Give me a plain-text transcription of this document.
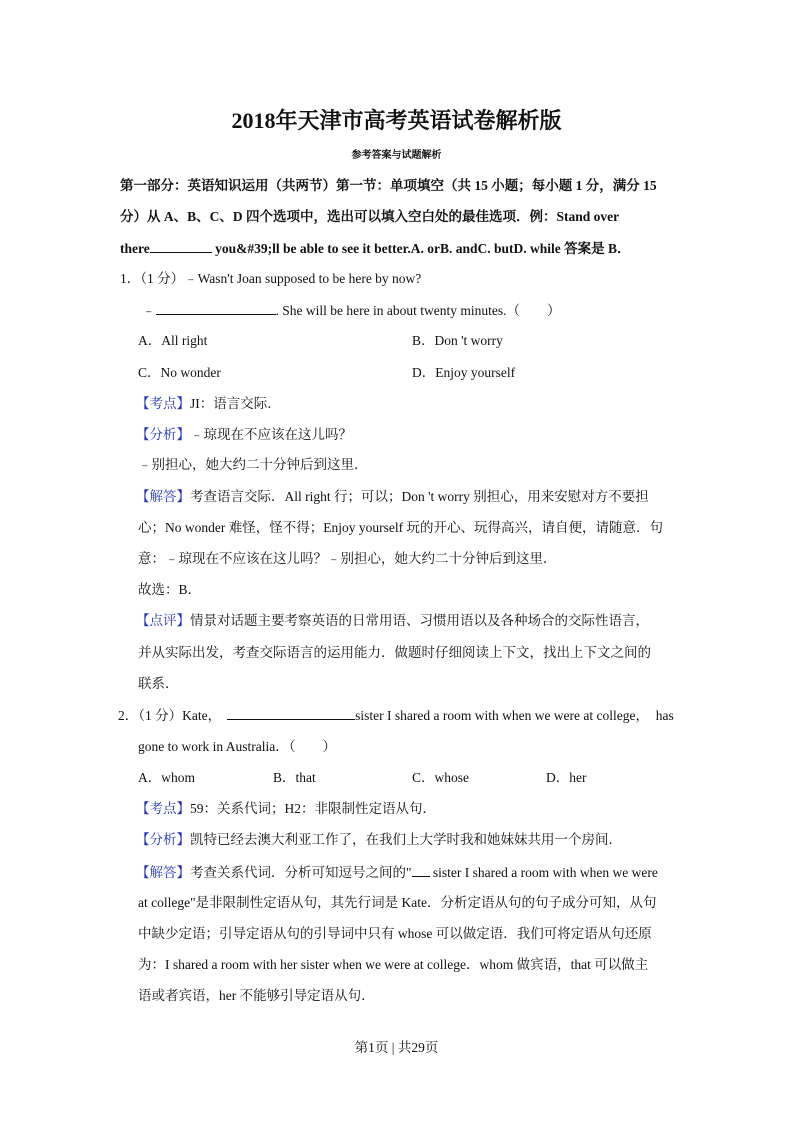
2018年天津市高考英语试卷解析版
参考答案与试题解析
第一部分：英语知识运用（共两节）第一节：单项填空（共 15 小题；每小题 1 分，满分 15
分）从 A、B、C、D 四个选项中，选出可以填入空白处的最佳选项．例：Stand over
there	you&#39;ll be able to see it better.A. orB. andC. butD. while 答案是 B．
1．（1 分）﹣Wasn't Joan supposed to be here by now?
﹣	. She will be here in about twenty minutes.（　　）
A．All right	B．Don 't worry
C．No wonder	D．Enjoy yourself
【考点】JI：语言交际．
【分析】﹣琼现在不应该在这儿吗？
﹣别担心，她大约二十分钟后到这里．
【解答】考查语言交际．All right 行；可以；Don 't worry 别担心，用来安慰对方不要担
心；No wonder 难怪，怪不得；Enjoy yourself 玩的开心、玩得高兴，请自便，请随意．句
意：﹣琼现在不应该在这儿吗？﹣别担心，她大约二十分钟后到这里．
故选：B．
【点评】情景对话题主要考察英语的日常用语、习惯用语以及各种场合的交际性语言，
并从实际出发，考查交际语言的运用能力．做题时仔细阅读上下文，找出上下文之间的
联系．
2．（1 分）Kate，	sister I shared a room with when we were at college，　has
gone to work in Australia．（　　）
A．whom	B．that	C．whose	D．her
【考点】59：关系代词；H2：非限制性定语从句．
【分析】凯特已经去澳大利亚工作了，在我们上大学时我和她妹妹共用一个房间．
【解答】考查关系代词．分析可知逗号之间的" sister I shared a room with when we were
at college"是非限制性定语从句，其先行词是 Kate．分析定语从句的句子成分可知，从句
中缺少定语；引导定语从句的引导词中只有 whose 可以做定语．我们可将定语从句还原
为：I shared a room with her sister when we were at college．whom 做宾语，that 可以做主
语或者宾语，her 不能够引导定语从句．
第1页 | 共29页
